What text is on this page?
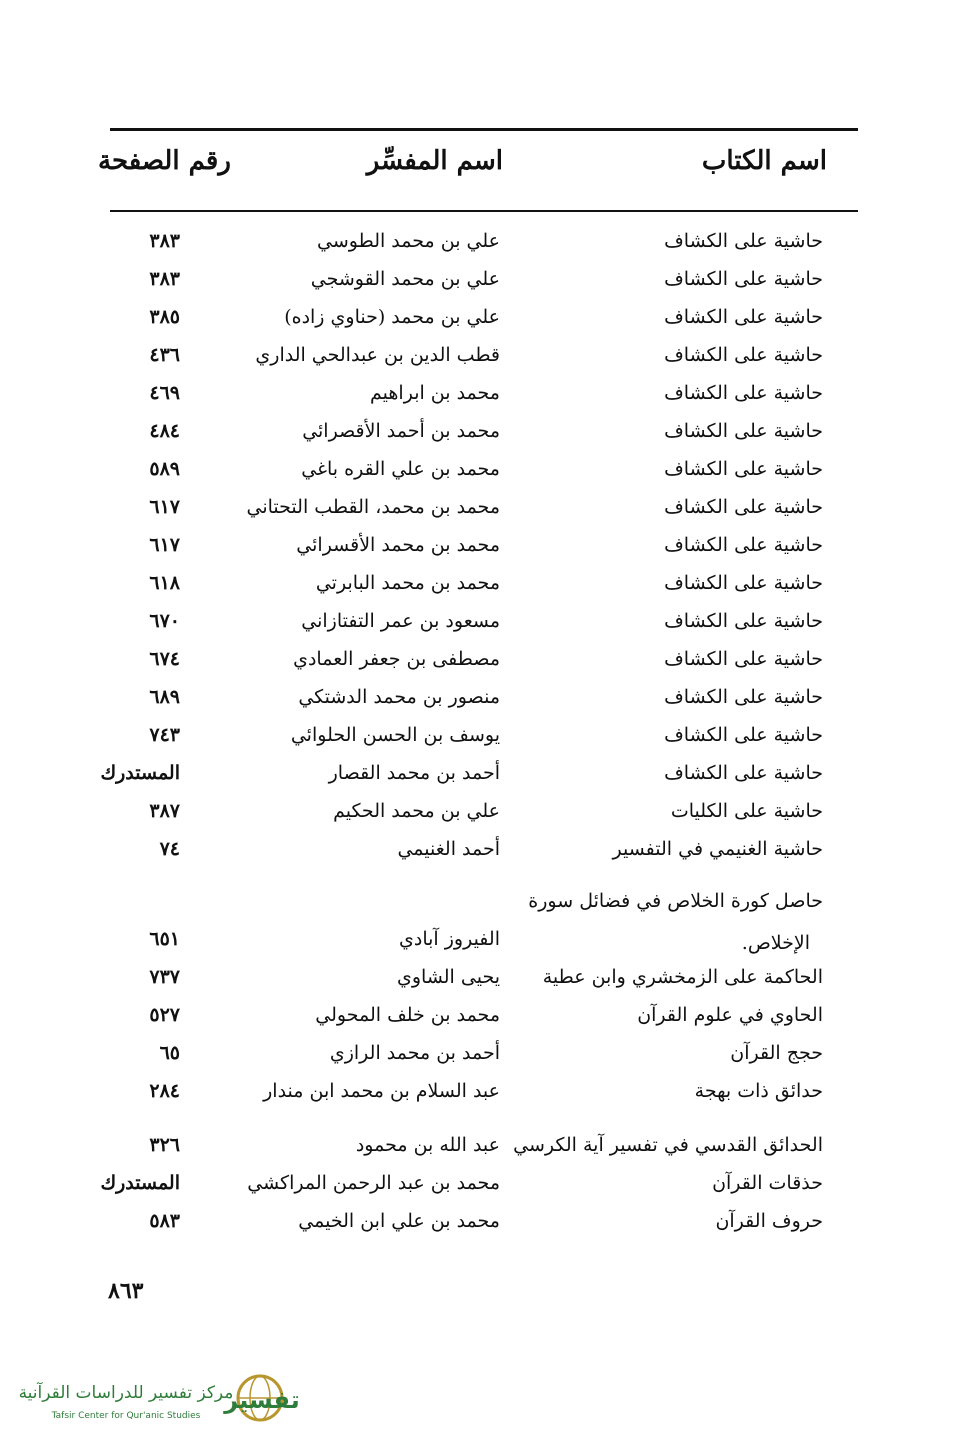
اسم الكتاب
اسم المفسِّر
رقم الصفحة
حاشية على الكشاف
علي بن محمد الطوسي
٣٨٣
حاشية على الكشاف
علي بن محمد القوشجي
٣٨٣
حاشية على الكشاف
علي بن محمد (حناوي زاده)
٣٨٥
حاشية على الكشاف
قطب الدين بن عبدالحي الداري
٤٣٦
حاشية على الكشاف
محمد بن ابراهيم
٤٦٩
حاشية على الكشاف
محمد بن أحمد الأقصرائي
٤٨٤
حاشية على الكشاف
محمد بن علي القره باغي
٥٨٩
حاشية على الكشاف
محمد بن محمد، القطب التحتاني
٦١٧
حاشية على الكشاف
محمد بن محمد الأقسرائي
٦١٧
حاشية على الكشاف
محمد بن محمد البابرتي
٦١٨
حاشية على الكشاف
مسعود بن عمر التفتازاني
٦٧٠
حاشية على الكشاف
مصطفى بن جعفر العمادي
٦٧٤
حاشية على الكشاف
منصور بن محمد الدشتكي
٦٨٩
حاشية على الكشاف
يوسف بن الحسن الحلوائي
٧٤٣
حاشية على الكشاف
أحمد بن محمد القصار
المستدرك
حاشية على الكليات
علي بن محمد الحكيم
٣٨٧
حاشية الغنيمي في التفسير
أحمد الغنيمي
٧٤
حاصل كورة الخلاص في فضائل سورة
الفيروز آبادي
٦٥١
الحاكمة على الزمخشري وابن عطية
يحيى الشاوي
٧٣٧
الحاوي في علوم القرآن
محمد بن خلف المحولي
٥٢٧
حجج القرآن
أحمد بن محمد الرازي
٦٥
حدائق ذات بهجة
عبد السلام بن محمد ابن مندار
٢٨٤
الحدائق القدسي في تفسير آية الكرسي
عبد الله بن محمود
٣٢٦
حذقات القرآن
محمد بن عبد الرحمن المراكشي
المستدرك
حروف القرآن
محمد بن علي ابن الخيمي
٥٨٣
الإخلاص.
٨٦٣
تفسير
مركز تفسير للدراسات القرآنية
Tafsir Center for Qur'anic Studies
